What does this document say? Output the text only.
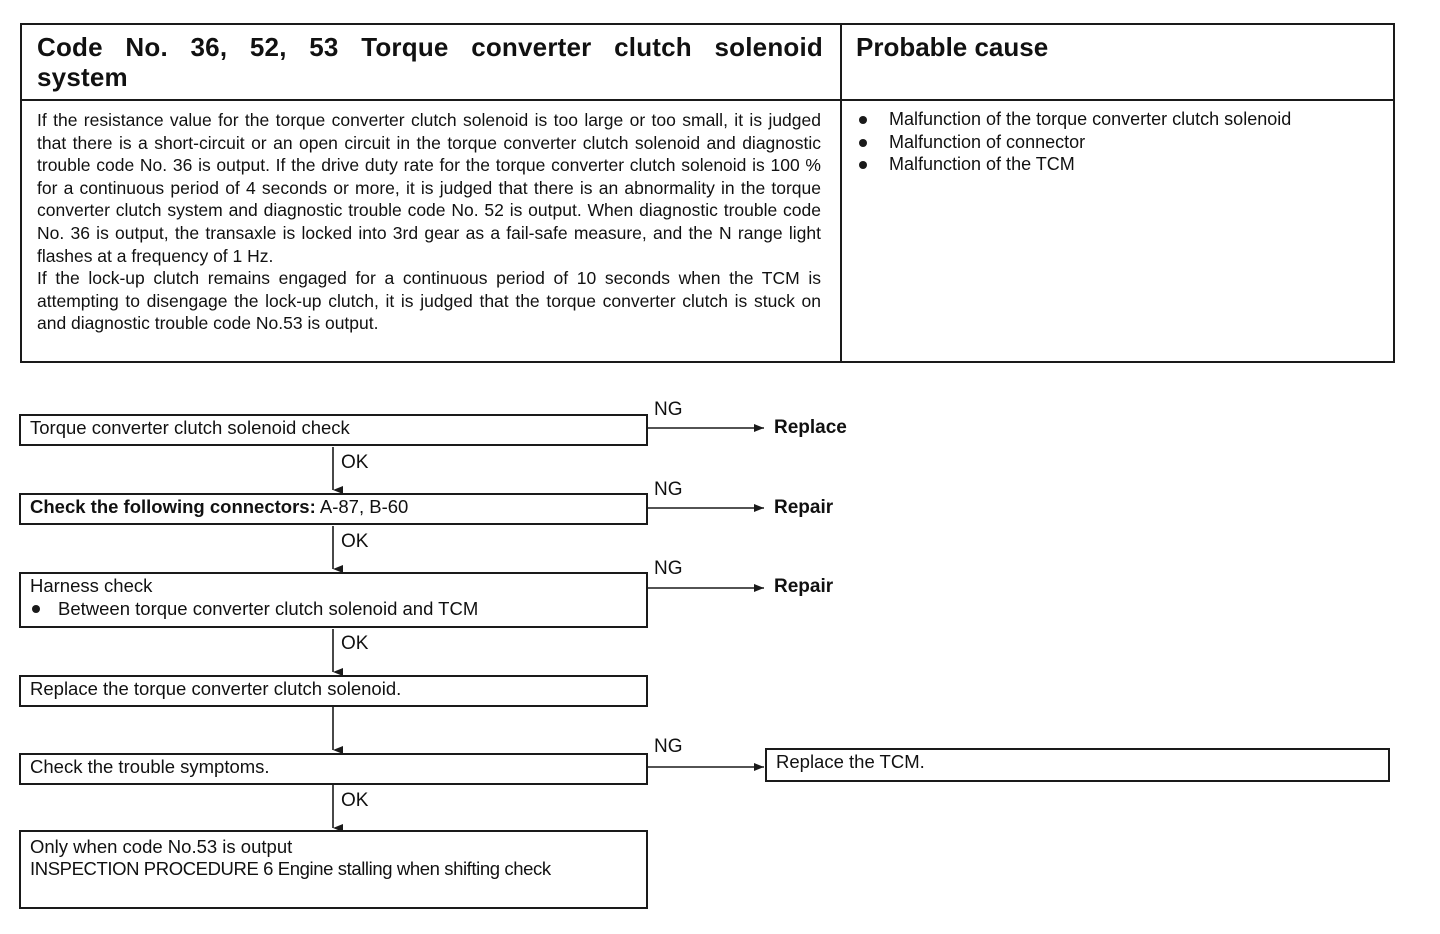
Code No. 36, 52, 53 Torque converter clutch solenoid
system
Probable cause

If the resistance value for the torque converter clutch solenoid is too large or too small, it is judged that there is a short-circuit or an open circuit in the torque converter clutch solenoid and diagnostic trouble code No. 36 is output. If the drive duty rate for the torque converter clutch solenoid is 100 % for a continuous period of 4 seconds or more, it is judged that there is an abnormality in the torque converter clutch system and diagnostic trouble code No. 52 is output. When diagnostic trouble code No. 36 is output, the transaxle is locked into 3rd gear as a fail-safe measure, and the N range light flashes at a frequency of 1 Hz.

If the lock-up clutch remains engaged for a continuous period of 10 seconds when the TCM is attempting to disengage the lock-up clutch, it is judged that the torque converter clutch is stuck on and diagnostic trouble code No.53 is output.

Malfunction of the torque converter clutch solenoid
Malfunction of connector
Malfunction of the TCM
Torque converter clutch solenoid check
NG
Replace
OK
Check the following connectors: A-87, B-60
NG
Repair
OK
Harness check
Between torque converter clutch solenoid and TCM
NG
Repair
OK
Replace the torque converter clutch solenoid.
Check the trouble symptoms.
NG
Replace the TCM.
OK
Only when code No.53 is output
INSPECTION PROCEDURE 6 Engine stalling when shifting check
